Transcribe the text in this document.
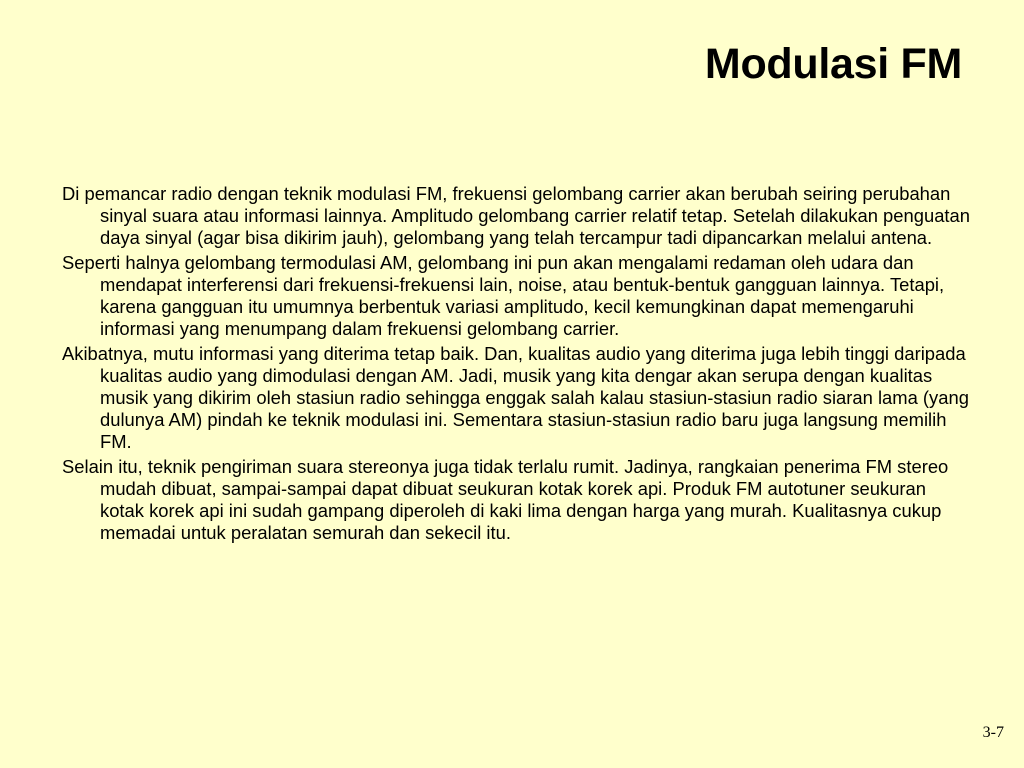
Modulasi FM
Di pemancar radio dengan teknik modulasi FM, frekuensi gelombang carrier akan berubah seiring perubahan sinyal suara atau informasi lainnya. Amplitudo gelombang carrier relatif tetap. Setelah dilakukan penguatan daya sinyal (agar bisa dikirim jauh), gelombang yang telah tercampur tadi dipancarkan melalui antena.
Seperti halnya gelombang termodulasi AM, gelombang ini pun akan mengalami redaman oleh udara dan mendapat interferensi dari frekuensi-frekuensi lain, noise, atau bentuk-bentuk gangguan lainnya. Tetapi, karena gangguan itu umumnya berbentuk variasi amplitudo, kecil kemungkinan dapat memengaruhi informasi yang menumpang dalam frekuensi gelombang carrier.
Akibatnya, mutu informasi yang diterima tetap baik. Dan, kualitas audio yang diterima juga lebih tinggi daripada kualitas audio yang dimodulasi dengan AM. Jadi, musik yang kita dengar akan serupa dengan kualitas musik yang dikirim oleh stasiun radio sehingga enggak salah kalau stasiun-stasiun radio siaran lama (yang dulunya AM) pindah ke teknik modulasi ini. Sementara stasiun-stasiun radio baru juga langsung memilih FM.
Selain itu, teknik pengiriman suara stereonya juga tidak terlalu rumit. Jadinya, rangkaian penerima FM stereo mudah dibuat, sampai-sampai dapat dibuat seukuran kotak korek api. Produk FM autotuner seukuran kotak korek api ini sudah gampang diperoleh di kaki lima dengan harga yang murah. Kualitasnya cukup memadai untuk peralatan semurah dan sekecil itu.
3-7
